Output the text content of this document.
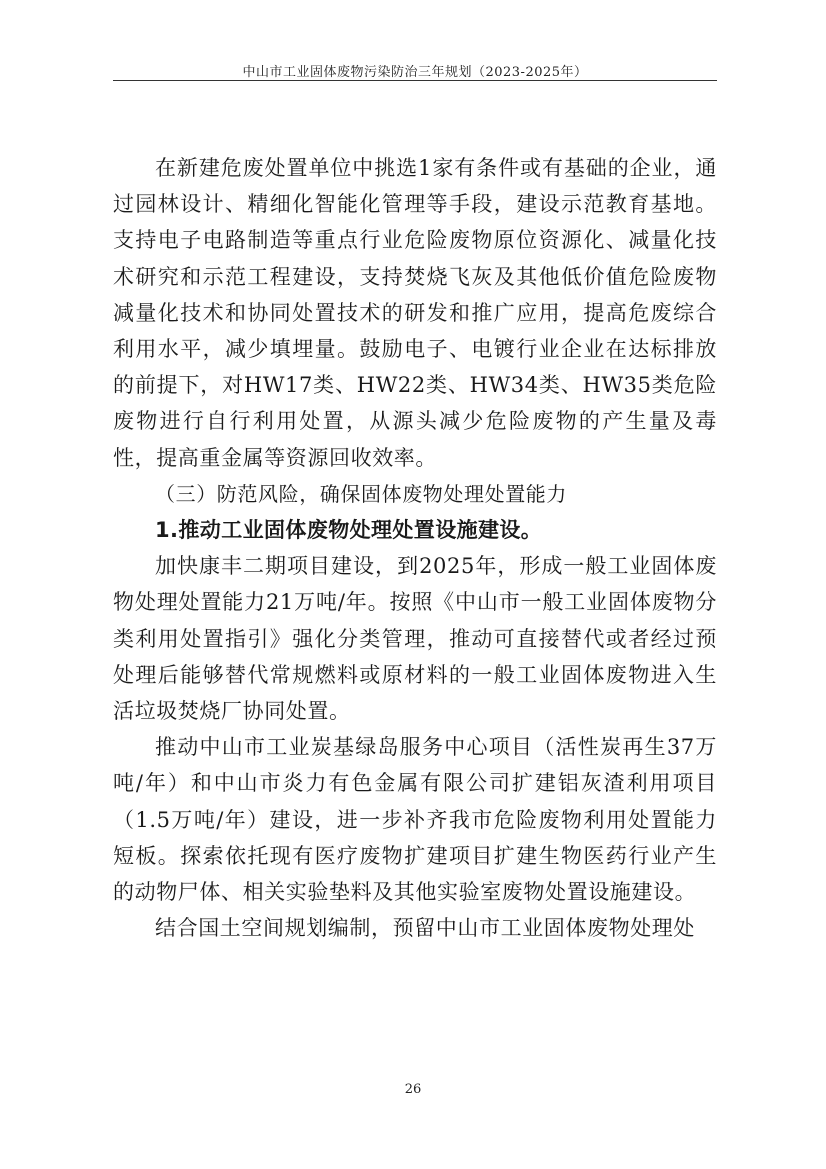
中山市工业固体废物污染防治三年规划（2023-2025年）

在新建危废处置单位中挑选1家有条件或有基础的企业，通过园林设计、精细化智能化管理等手段，建设示范教育基地。支持电子电路制造等重点行业危险废物原位资源化、减量化技术研究和示范工程建设，支持焚烧飞灰及其他低价值危险废物减量化技术和协同处置技术的研发和推广应用，提高危废综合利用水平，减少填埋量。鼓励电子、电镀行业企业在达标排放的前提下，对HW17类、HW22类、HW34类、HW35类危险废物进行自行利用处置，从源头减少危险废物的产生量及毒性，提高重金属等资源回收效率。

（三）防范风险，确保固体废物处理处置能力

1.推动工业固体废物处理处置设施建设。

加快康丰二期项目建设，到2025年，形成一般工业固体废物处理处置能力21万吨/年。按照《中山市一般工业固体废物分类利用处置指引》强化分类管理，推动可直接替代或者经过预处理后能够替代常规燃料或原材料的一般工业固体废物进入生活垃圾焚烧厂协同处置。

推动中山市工业炭基绿岛服务中心项目（活性炭再生37万吨/年）和中山市炎力有色金属有限公司扩建铝灰渣利用项目（1.5万吨/年）建设，进一步补齐我市危险废物利用处置能力短板。探索依托现有医疗废物扩建项目扩建生物医药行业产生的动物尸体、相关实验垫料及其他实验室废物处置设施建设。

结合国土空间规划编制，预留中山市工业固体废物处理处

26
